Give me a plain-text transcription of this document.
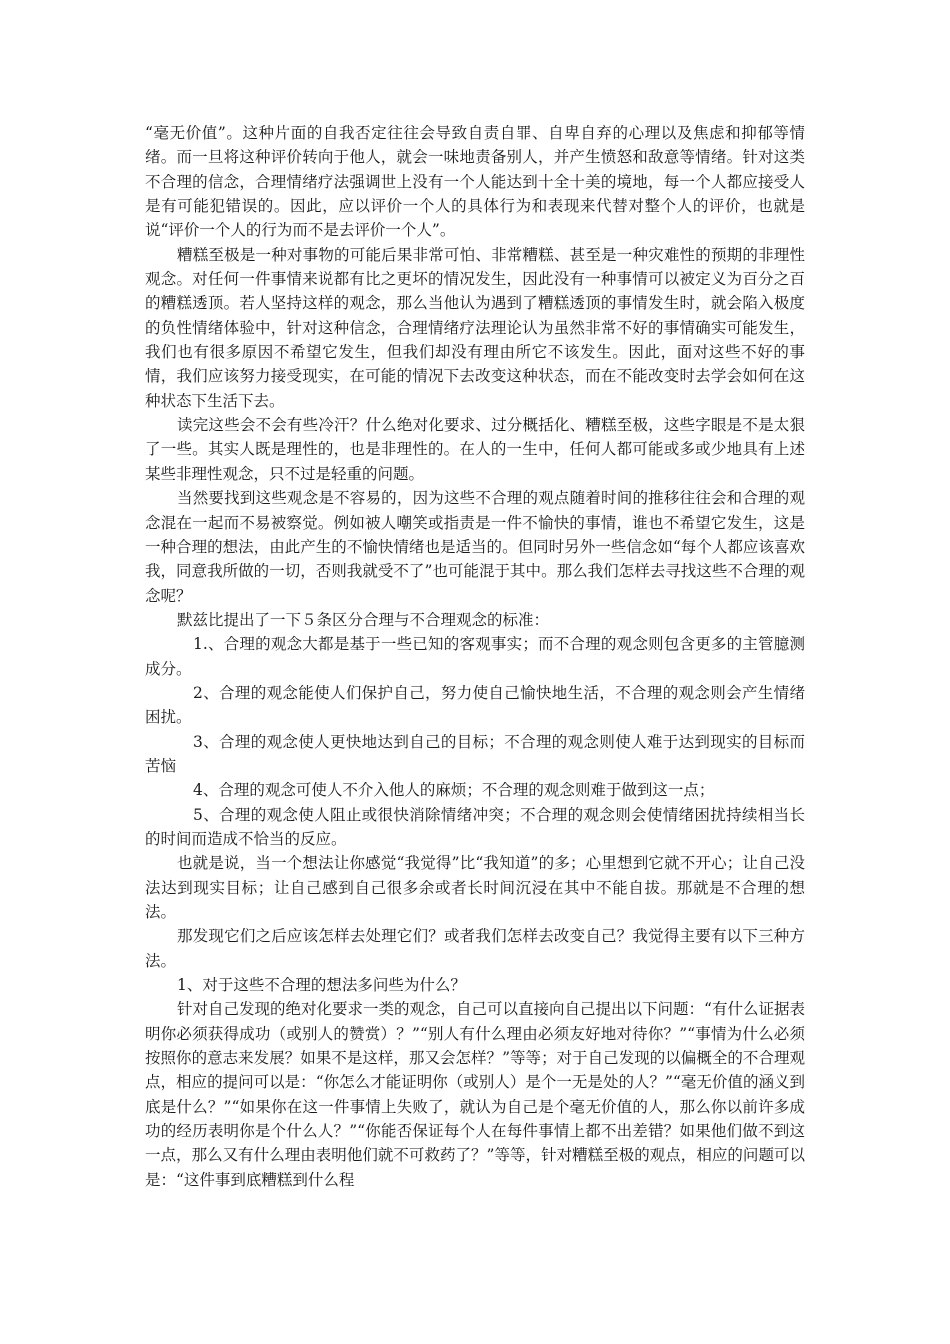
“毫无价值”。这种片面的自我否定往往会导致自责自罪、自卑自弃的心理以及焦虑和抑郁等情绪。而一旦将这种评价转向于他人，就会一味地责备别人，并产生愤怒和敌意等情绪。针对这类不合理的信念，合理情绪疗法强调世上没有一个人能达到十全十美的境地，每一个人都应接受人是有可能犯错误的。因此，应以评价一个人的具体行为和表现来代替对整个人的评价，也就是说“评价一个人的行为而不是去评价一个人”。

糟糕至极是一种对事物的可能后果非常可怕、非常糟糕、甚至是一种灾难性的预期的非理性观念。对任何一件事情来说都有比之更坏的情况发生，因此没有一种事情可以被定义为百分之百的糟糕透顶。若人坚持这样的观念，那么当他认为遇到了糟糕透顶的事情发生时，就会陷入极度的负性情绪体验中，针对这种信念，合理情绪疗法理论认为虽然非常不好的事情确实可能发生，我们也有很多原因不希望它发生，但我们却没有理由所它不该发生。因此，面对这些不好的事情，我们应该努力接受现实，在可能的情况下去改变这种状态，而在不能改变时去学会如何在这种状态下生活下去。

读完这些会不会有些冷汗？什么绝对化要求、过分概括化、糟糕至极，这些字眼是不是太狠了一些。其实人既是理性的，也是非理性的。在人的一生中，任何人都可能或多或少地具有上述某些非理性观念，只不过是轻重的问题。

当然要找到这些观念是不容易的，因为这些不合理的观点随着时间的推移往往会和合理的观念混在一起而不易被察觉。例如被人嘲笑或指责是一件不愉快的事情，谁也不希望它发生，这是一种合理的想法，由此产生的不愉快情绪也是适当的。但同时另外一些信念如“每个人都应该喜欢我，同意我所做的一切，否则我就受不了”也可能混于其中。那么我们怎样去寻找这些不合理的观念呢？

默兹比提出了一下５条区分合理与不合理观念的标准：

1.、合理的观念大都是基于一些已知的客观事实；而不合理的观念则包含更多的主管臆测成分。

2、合理的观念能使人们保护自己，努力使自己愉快地生活，不合理的观念则会产生情绪困扰。

3、合理的观念使人更快地达到自己的目标；不合理的观念则使人难于达到现实的目标而苦恼

4、合理的观念可使人不介入他人的麻烦；不合理的观念则难于做到这一点；

5、合理的观念使人阻止或很快消除情绪冲突；不合理的观念则会使情绪困扰持续相当长的时间而造成不恰当的反应。

也就是说，当一个想法让你感觉“我觉得”比“我知道”的多；心里想到它就不开心；让自己没法达到现实目标；让自己感到自己很多余或者长时间沉浸在其中不能自拔。那就是不合理的想法。

那发现它们之后应该怎样去处理它们？或者我们怎样去改变自己？我觉得主要有以下三种方法。

1、对于这些不合理的想法多问些为什么？

针对自己发现的绝对化要求一类的观念，自己可以直接向自己提出以下问题：“有什么证据表明你必须获得成功（或别人的赞赏）？”“别人有什么理由必须友好地对待你？”“事情为什么必须按照你的意志来发展？如果不是这样，那又会怎样？”等等；对于自己发现的以偏概全的不合理观点，相应的提问可以是：“你怎么才能证明你（或别人）是个一无是处的人？”“毫无价值的涵义到底是什么？”“如果你在这一件事情上失败了，就认为自己是个毫无价值的人，那么你以前许多成功的经历表明你是个什么人？”“你能否保证每个人在每件事情上都不出差错？如果他们做不到这一点，那么又有什么理由表明他们就不可救药了？”等等，针对糟糕至极的观点，相应的问题可以是：“这件事到底糟糕到什么程
